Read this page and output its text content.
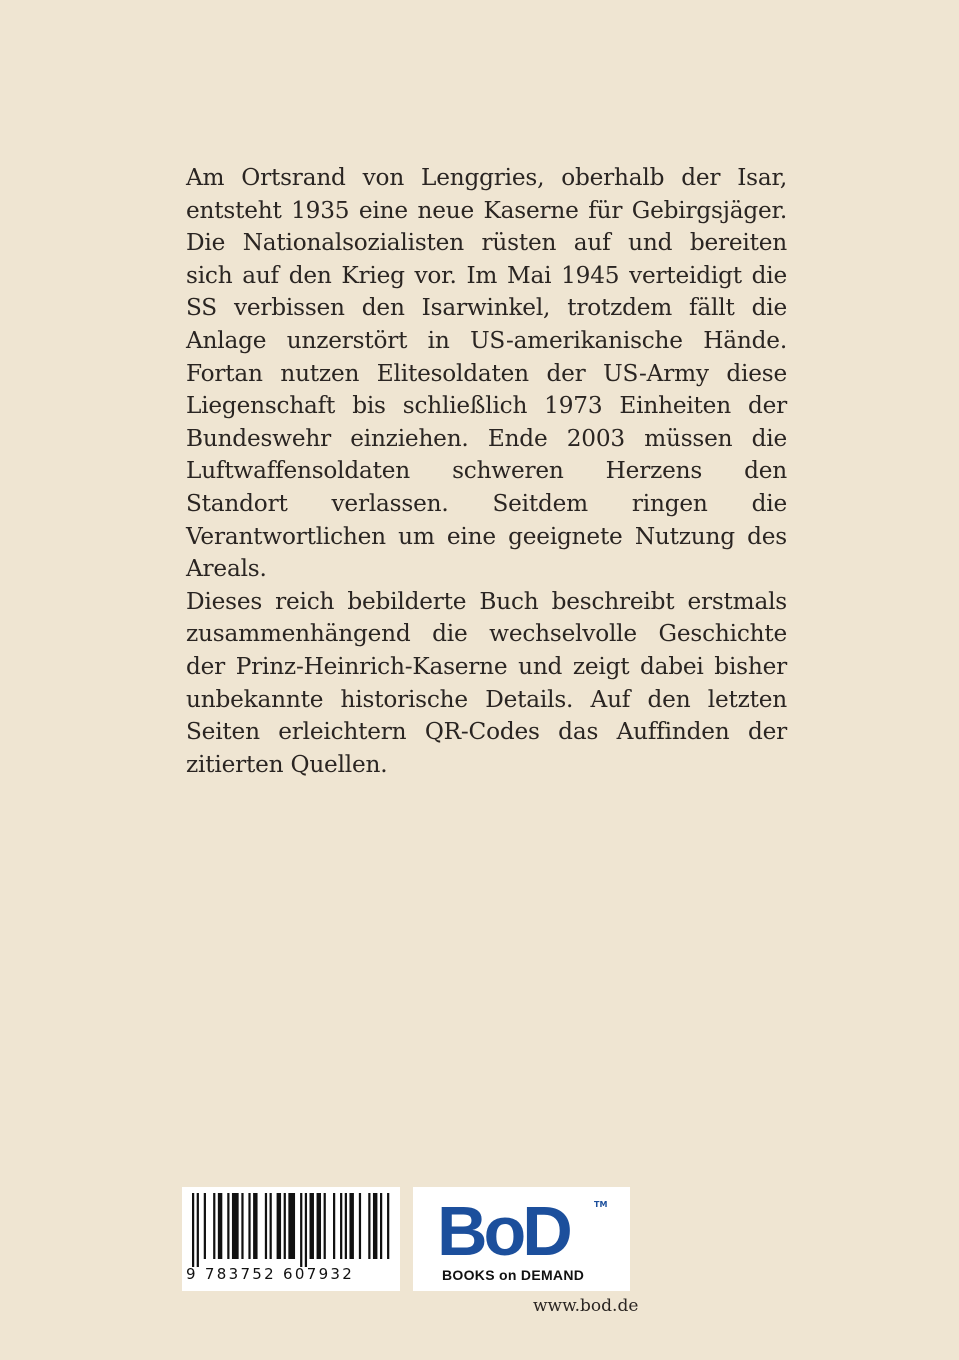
Am Ortsrand von Lenggries, oberhalb der Isar, entsteht 1935 eine neue Kaserne für Gebirgsjäger. Die Nationalsozialisten rüsten auf und bereiten sich auf den Krieg vor. Im Mai 1945 verteidigt die SS verbissen den Isarwinkel, trotzdem fällt die Anlage unzerstört in US-amerikanische Hände. Fortan nutzen Elitesoldaten der US-Army diese Liegenschaft bis schließlich 1973 Einheiten der Bundeswehr einziehen. Ende 2003 müssen die Luftwaffensoldaten schweren Herzens den Standort verlassen. Seitdem ringen die Verantwortlichen um eine geeignete Nutzung des Areals.

Dieses reich bebilderte Buch beschreibt erstmals zusammenhängend die wechselvolle Geschichte der Prinz-Heinrich-Kaserne und zeigt dabei bisher unbekannte historische Details. Auf den letzten Seiten erleichtern QR-Codes das Auffinden der zitierten Quellen.

9 783752 607932
BoD	TM
BOOKS on DEMAND
www.bod.de
